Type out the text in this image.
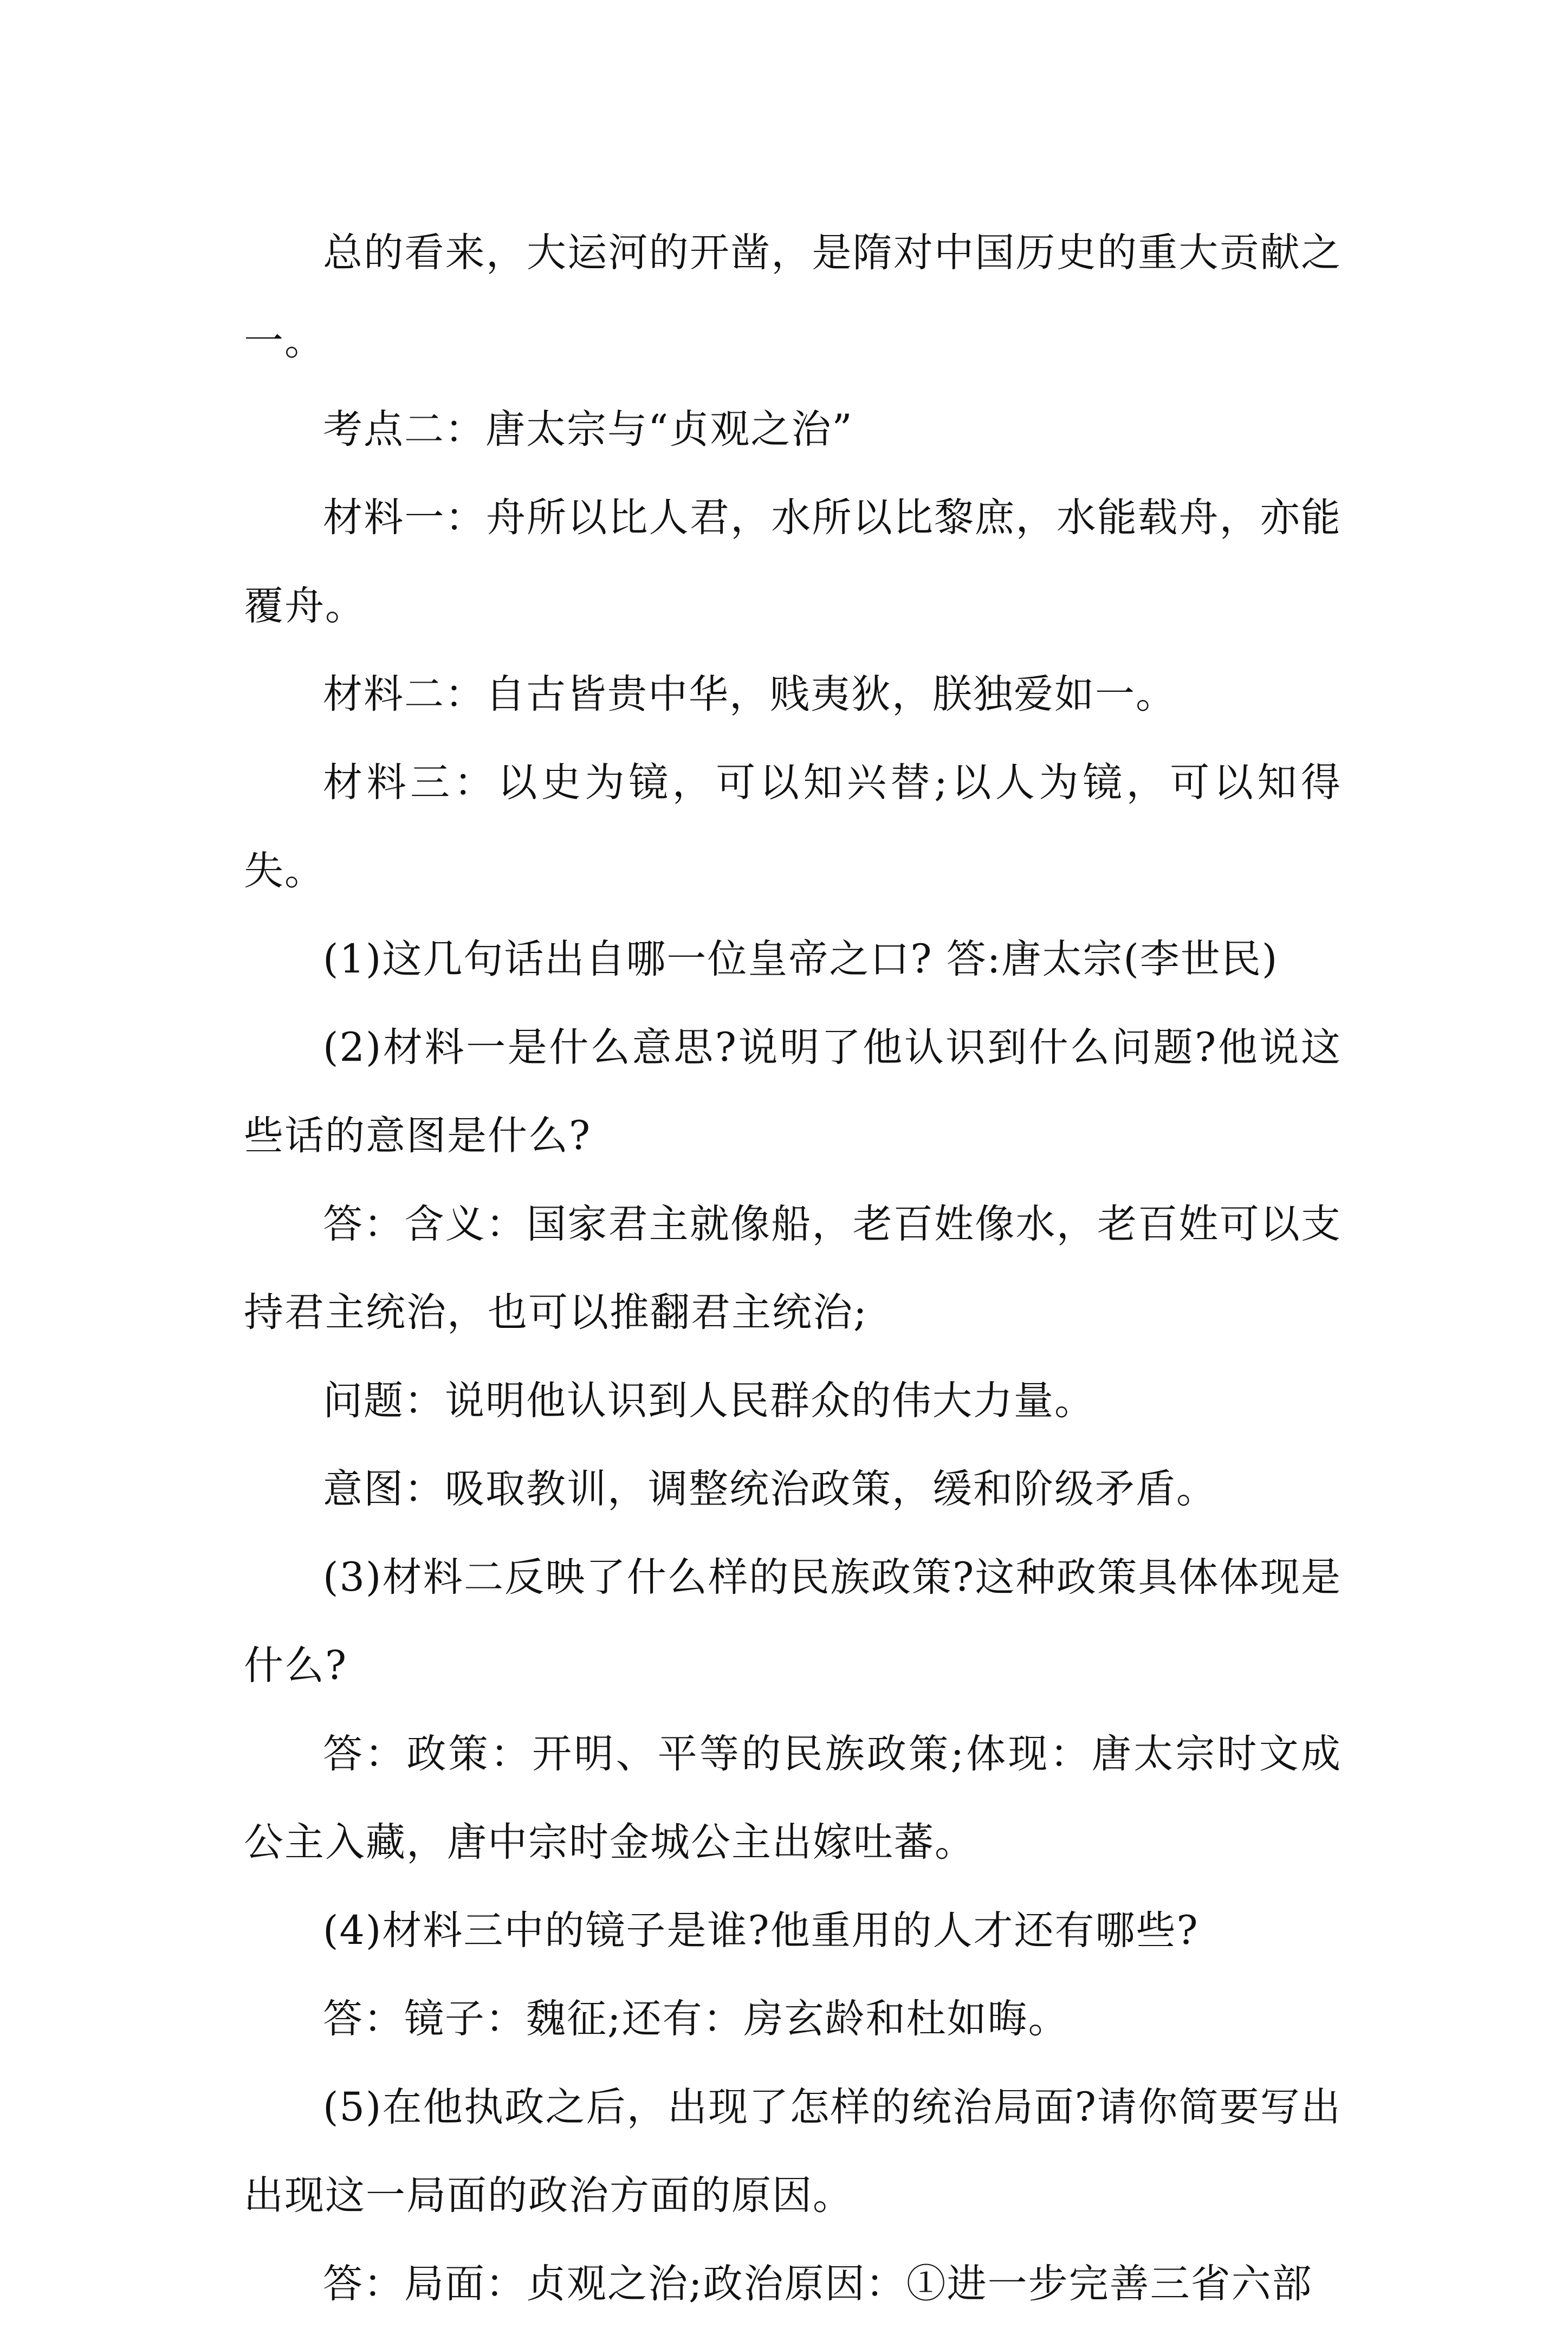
总的看来，大运河的开凿，是隋对中国历史的重大贡献之一。

考点二：唐太宗与“贞观之治”

材料一：舟所以比人君，水所以比黎庶，水能载舟，亦能覆舟。

材料二：自古皆贵中华，贱夷狄，朕独爱如一。

材料三：以史为镜，可以知兴替;以人为镜，可以知得失。

(1)这几句话出自哪一位皇帝之口? 答:唐太宗(李世民)

(2)材料一是什么意思?说明了他认识到什么问题?他说这些话的意图是什么?

答：含义：国家君主就像船，老百姓像水，老百姓可以支持君主统治，也可以推翻君主统治;

问题：说明他认识到人民群众的伟大力量。

意图：吸取教训，调整统治政策，缓和阶级矛盾。

(3)材料二反映了什么样的民族政策?这种政策具体体现是什么?

答：政策：开明、平等的民族政策;体现：唐太宗时文成公主入藏，唐中宗时金城公主出嫁吐蕃。

(4)材料三中的镜子是谁?他重用的人才还有哪些?

答：镜子：魏征;还有：房玄龄和杜如晦。

(5)在他执政之后，出现了怎样的统治局面?请你简要写出出现这一局面的政治方面的原因。

答：局面：贞观之治;政治原因：①进一步完善三省六部
